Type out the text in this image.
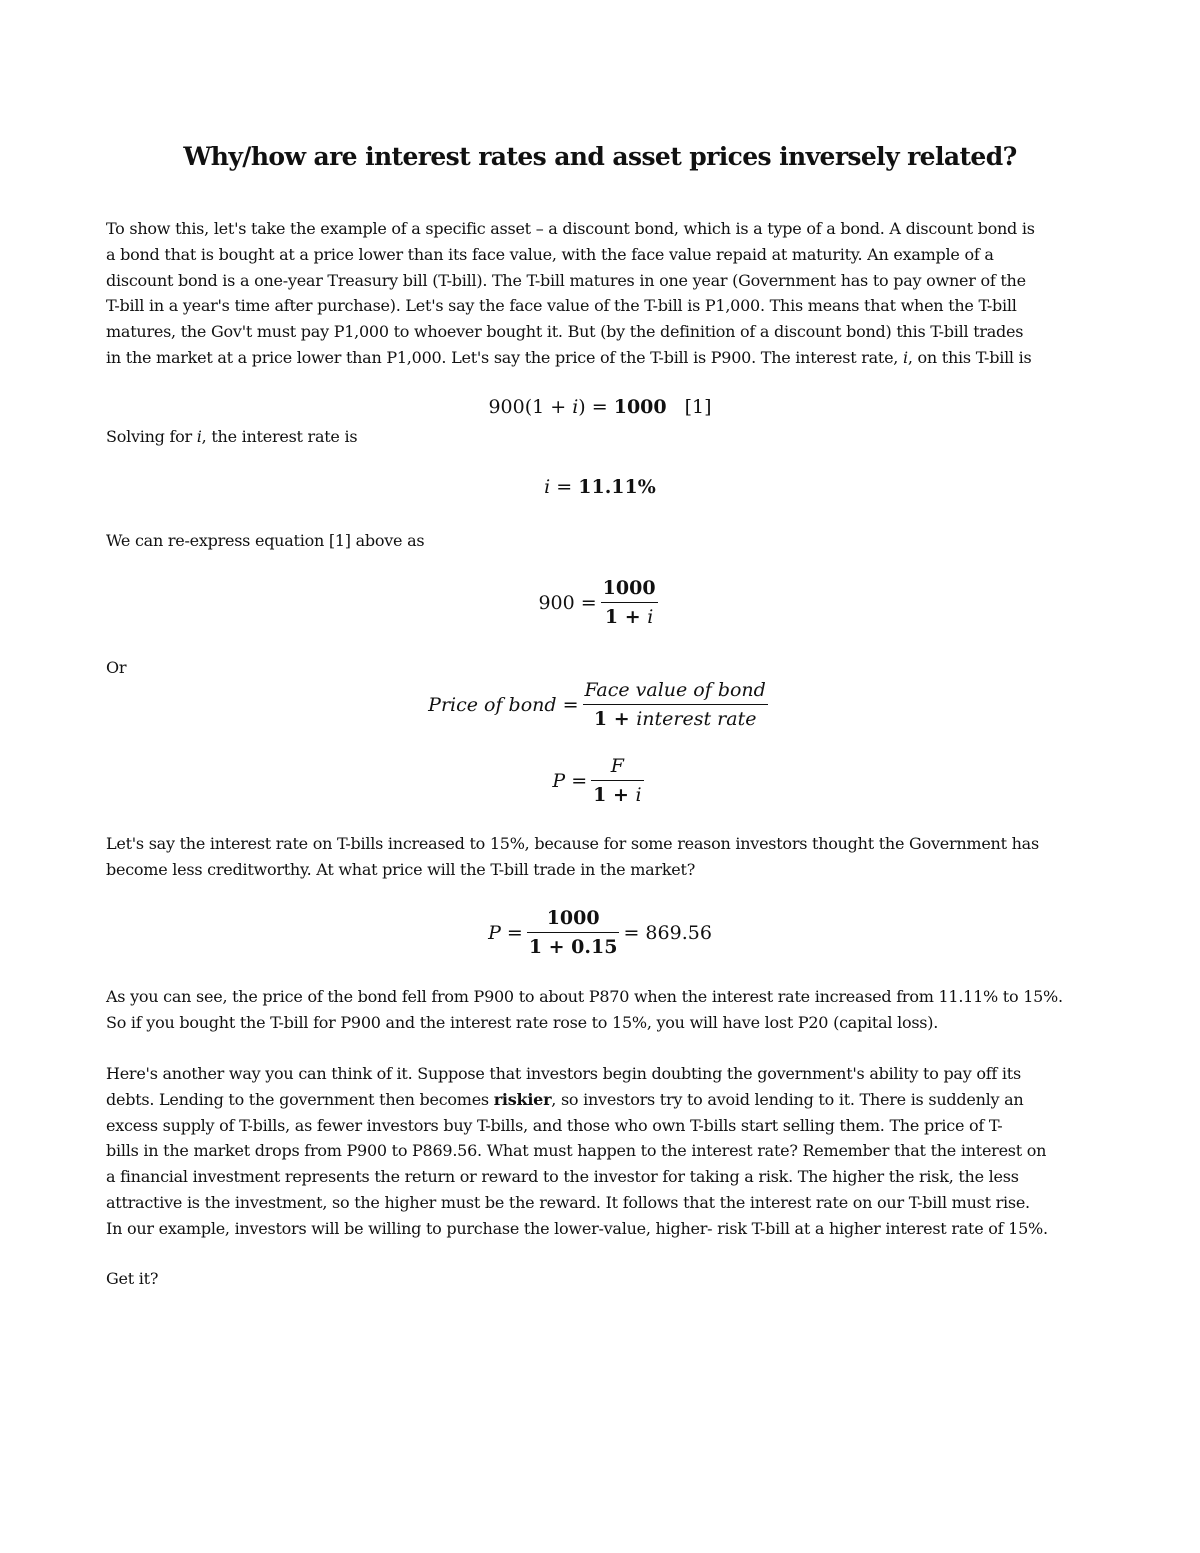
Why/how are interest rates and asset prices inversely related?
To show this, let's take the example of a specific asset – a discount bond, which is a type of a bond. A discount bond is
a bond that is bought at a price lower than its face value, with the face value repaid at maturity. An example of a
discount bond is a one-year Treasury bill (T-bill). The T-bill matures in one year (Government has to pay owner of the
T-bill in a year's time after purchase). Let's say the face value of the T-bill is P1,000. This means that when the T-bill
matures, the Gov't must pay P1,000 to whoever bought it. But (by the definition of a discount bond) this T-bill trades
in the market at a price lower than P1,000. Let's say the price of the T-bill is P900. The interest rate, i, on this T-bill is
900(1 + i) = 1000 [1]
Solving for i, the interest rate is
i = 11.11%
We can re-express equation [1] above as
$900 = \frac{1000}{1 + i}$
Or
Price of bond = $\frac{\text{Face value of bond}}{\text{1 + interest rate}}$
$P = \frac{F}{1 + i}$
Let's say the interest rate on T-bills increased to 15%, because for some reason investors thought the Government has
become less creditworthy. At what price will the T-bill trade in the market?
$P = \frac{1000}{1 + 0.15} = 869.56$
As you can see, the price of the bond fell from P900 to about P870 when the interest rate increased from 11.11% to 15%.
So if you bought the T-bill for P900 and the interest rate rose to 15%, you will have lost P20 (capital loss).
Here's another way you can think of it. Suppose that investors begin doubting the government's ability to pay off its
debts. Lending to the government then becomes riskier, so investors try to avoid lending to it. There is suddenly an
excess supply of T-bills, as fewer investors buy T-bills, and those who own T-bills start selling them. The price of T-
bills in the market drops from P900 to P869.56. What must happen to the interest rate? Remember that the interest on
a financial investment represents the return or reward to the investor for taking a risk. The higher the risk, the less
attractive is the investment, so the higher must be the reward. It follows that the interest rate on our T-bill must rise.
In our example, investors will be willing to purchase the lower-value, higher- risk T-bill at a higher interest rate of 15%.
Get it?
